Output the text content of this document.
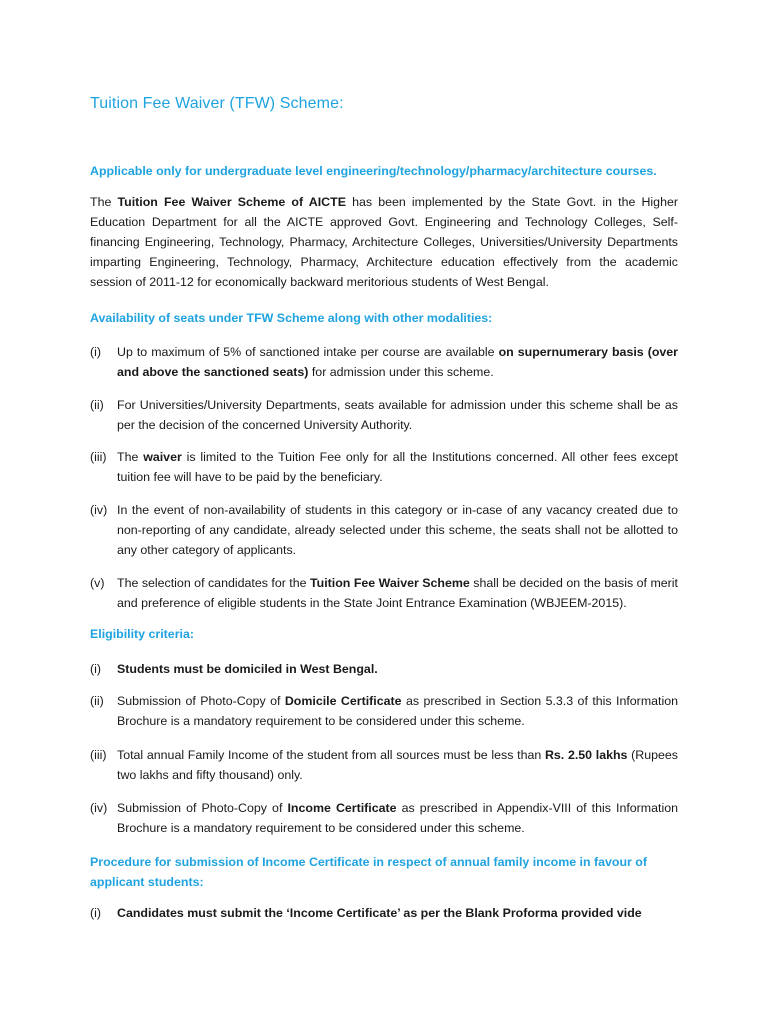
Tuition Fee Waiver (TFW) Scheme:
Applicable only for undergraduate level engineering/technology/pharmacy/architecture courses.
The Tuition Fee Waiver Scheme of AICTE has been implemented by the State Govt. in the Higher Education Department for all the AICTE approved Govt. Engineering and Technology Colleges, Self-financing Engineering, Technology, Pharmacy, Architecture Colleges, Universities/University Departments imparting Engineering, Technology, Pharmacy, Architecture education effectively from the academic session of 2011-12 for economically backward meritorious students of West Bengal.
Availability of seats under TFW Scheme along with other modalities:
(i) Up to maximum of 5% of sanctioned intake per course are available on supernumerary basis (over and above the sanctioned seats) for admission under this scheme.
(ii) For Universities/University Departments, seats available for admission under this scheme shall be as per the decision of the concerned University Authority.
(iii) The waiver is limited to the Tuition Fee only for all the Institutions concerned. All other fees except tuition fee will have to be paid by the beneficiary.
(iv) In the event of non-availability of students in this category or in-case of any vacancy created due to non-reporting of any candidate, already selected under this scheme, the seats shall not be allotted to any other category of applicants.
(v) The selection of candidates for the Tuition Fee Waiver Scheme shall be decided on the basis of merit and preference of eligible students in the State Joint Entrance Examination (WBJEEM-2015).
Eligibility criteria:
(i) Students must be domiciled in West Bengal.
(ii) Submission of Photo-Copy of Domicile Certificate as prescribed in Section 5.3.3 of this Information Brochure is a mandatory requirement to be considered under this scheme.
(iii) Total annual Family Income of the student from all sources must be less than Rs. 2.50 lakhs (Rupees two lakhs and fifty thousand) only.
(iv) Submission of Photo-Copy of Income Certificate as prescribed in Appendix-VIII of this Information Brochure is a mandatory requirement to be considered under this scheme.
Procedure for submission of Income Certificate in respect of annual family income in favour of applicant students:
(i) Candidates must submit the ‘Income Certificate’ as per the Blank Proforma provided vide
